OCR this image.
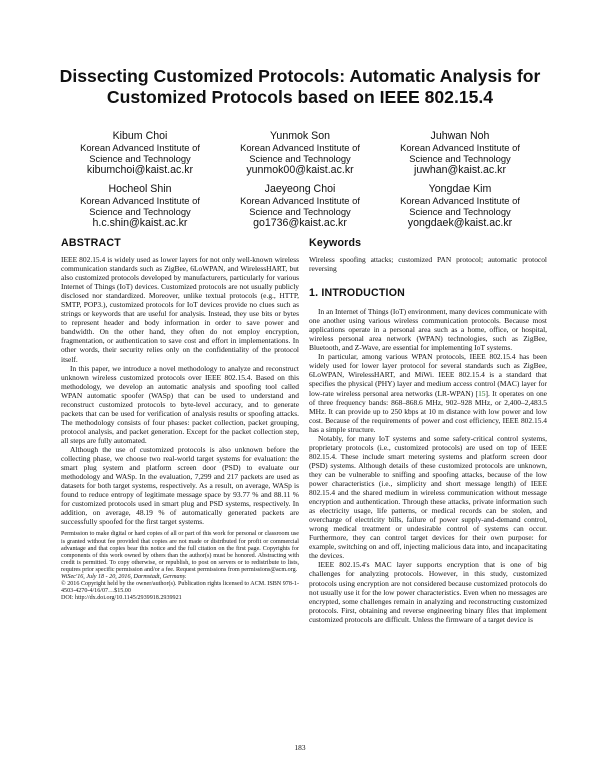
Dissecting Customized Protocols: Automatic Analysis for
Customized Protocols based on IEEE 802.15.4
Kibum Choi
Korean Advanced Institute of
Science and Technology
kibumchoi@kaist.ac.kr
Yunmok Son
Korean Advanced Institute of
Science and Technology
yunmok00@kaist.ac.kr
Juhwan Noh
Korean Advanced Institute of
Science and Technology
juwhan@kaist.ac.kr
Hocheol Shin
Korean Advanced Institute of
Science and Technology
h.c.shin@kaist.ac.kr
Jaeyeong Choi
Korean Advanced Institute of
Science and Technology
go1736@kaist.ac.kr
Yongdae Kim
Korean Advanced Institute of
Science and Technology
yongdaek@kaist.ac.kr
ABSTRACT

IEEE 802.15.4 is widely used as lower layers for not only well-known wireless communication standards such as ZigBee, 6LoWPAN, and WirelessHART, but also customized protocols developed by manufacturers, particularly for various Internet of Things (IoT) devices. Customized protocols are not usually publicly disclosed nor standardized. Moreover, unlike textual protocols (e.g., HTTP, SMTP, POP3.), customized protocols for IoT devices provide no clues such as strings or keywords that are useful for analysis. Instead, they use bits or bytes to represent header and body information in order to save power and bandwidth. On the other hand, they often do not employ encryption, fragmentation, or authentication to save cost and effort in implementations. In other words, their security relies only on the confidentiality of the protocol itself.

In this paper, we introduce a novel methodology to analyze and reconstruct unknown wireless customized protocols over IEEE 802.15.4. Based on this methodology, we develop an automatic analysis and spoofing tool called WPAN automatic spoofer (WASp) that can be used to understand and reconstruct customized protocols to byte-level accuracy, and to generate packets that can be used for verification of analysis results or spoofing attacks. The methodology consists of four phases: packet collection, packet grouping, protocol analysis, and packet generation. Except for the packet collection step, all steps are fully automated.

Although the use of customized protocols is also unknown before the collecting phase, we choose two real-world target systems for evaluation: the smart plug system and platform screen door (PSD) to evaluate our methodology and WASp. In the evaluation, 7,299 and 217 packets are used as datasets for both target systems, respectively. As a result, on average, WASp is found to reduce entropy of legitimate message space by 93.77 % and 88.11 % for customized protocols used in smart plug and PSD systems, respectively. In addition, on average, 48.19 % of automatically generated packets are successfully spoofed for the first target systems.

Permission to make digital or hard copies of all or part of this work for personal or classroom use is granted without fee provided that copies are not made or distributed for profit or commercial advantage and that copies bear this notice and the full citation on the first page. Copyrights for components of this work owned by others than the author(s) must be honored. Abstracting with credit is permitted. To copy otherwise, or republish, to post on servers or to redistribute to lists, requires prior specific permission and/or a fee. Request permissions from permissions@acm.org.
WiSec'16, July 18 - 20, 2016, Darmstadt, Germany.
© 2016 Copyright held by the owner/author(s). Publication rights licensed to ACM. ISBN 978-1-4503-4270-4/16/07…$15.00
DOI: http://dx.doi.org/10.1145/2939918.2939921
Keywords

Wireless spoofing attacks; customized PAN protocol; automatic protocol reversing

1. INTRODUCTION

In an Internet of Things (IoT) environment, many devices communicate with one another using various wireless communication protocols. Because most applications operate in a personal area such as a home, office, or hospital, wireless personal area network (WPAN) technologies, such as ZigBee, Bluetooth, and Z-Wave, are essential for implementing IoT systems.

In particular, among various WPAN protocols, IEEE 802.15.4 has been widely used for lower layer protocol for several standards such as ZigBee, 6LoWPAN, WirelessHART, and MiWi. IEEE 802.15.4 is a standard that specifies the physical (PHY) layer and medium access control (MAC) layer for low-rate wireless personal area networks (LR-WPAN) [15]. It operates on one of three frequency bands: 868–868.6 MHz, 902–928 MHz, or 2,400–2,483.5 MHz. It can provide up to 250 kbps at 10 m distance with low power and low cost. Because of the requirements of power and cost efficiency, IEEE 802.15.4 has a simple structure.

Notably, for many IoT systems and some safety-critical control systems, proprietary protocols (i.e., customized protocols) are used on top of IEEE 802.15.4. These include smart metering systems and platform screen door (PSD) systems. Although details of these customized protocols are unknown, they can be vulnerable to sniffing and spoofing attacks, because of the low power characteristics (i.e., simplicity and short message length) of IEEE 802.15.4 and the shared medium in wireless communication without message encryption and authentication. Through these attacks, private information such as electricity usage, life patterns, or medical records can be stolen, and overcharge of electricity bills, failure of power supply-and-demand control, wrong medical treatment or undesirable control of systems can occur. Furthermore, they can control target devices for their own purpose: for example, switching on and off, injecting malicious data into, and incapacitating the devices.

IEEE 802.15.4's MAC layer supports encryption that is one of big challenges for analyzing protocols. However, in this study, customized protocols using encryption are not considered because customized protocols do not usually use it for the low power characteristics. Even when no messages are encrypted, some challenges remain in analyzing and reconstructing customized protocols. First, obtaining and reverse engineering binary files that implement customized protocols are difficult. Unless the firmware of a target device is

183
